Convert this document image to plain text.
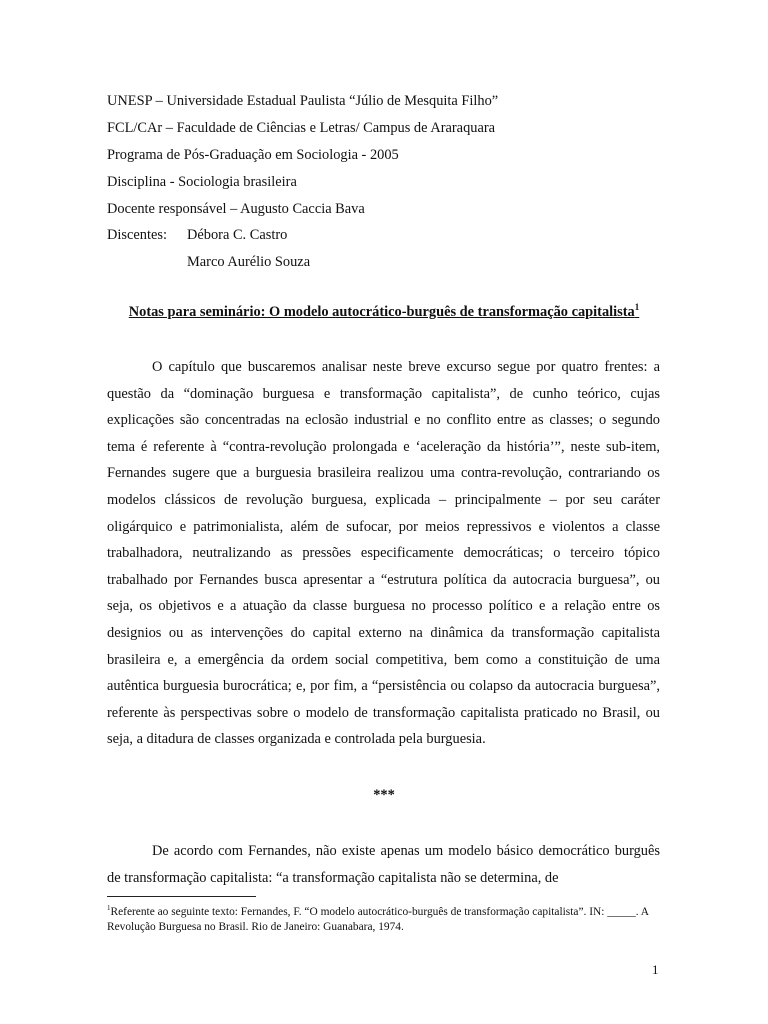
UNESP – Universidade Estadual Paulista “Júlio de Mesquita Filho”
FCL/CAr – Faculdade de Ciências e Letras/ Campus de Araraquara
Programa de Pós-Graduação em Sociologia - 2005
Disciplina - Sociologia brasileira
Docente responsável – Augusto Caccia Bava
Discentes: Débora C. Castro
Marco Aurélio Souza
Notas para seminário: O modelo autocrático-burguês de transformação capitalista$^1$

O capítulo que buscaremos analisar neste breve excurso segue por quatro frentes: a questão da “dominação burguesa e transformação capitalista”, de cunho teórico, cujas explicações são concentradas na eclosão industrial e no conflito entre as classes; o segundo tema é referente à “contra-revolução prolongada e ‘aceleração da história’”, neste sub-item, Fernandes sugere que a burguesia brasileira realizou uma contra-revolução, contrariando os modelos clássicos de revolução burguesa, explicada – principalmente – por seu caráter oligárquico e patrimonialista, além de sufocar, por meios repressivos e violentos a classe trabalhadora, neutralizando as pressões especificamente democráticas; o terceiro tópico trabalhado por Fernandes busca apresentar a “estrutura política da autocracia burguesa”, ou seja, os objetivos e a atuação da classe burguesa no processo político e a relação entre os designios ou as intervenções do capital externo na dinâmica da transformação capitalista brasileira e, a emergência da ordem social competitiva, bem como a constituição de uma autêntica burguesia burocrática; e, por fim, a “persistência ou colapso da autocracia burguesa”, referente às perspectivas sobre o modelo de transformação capitalista praticado no Brasil, ou seja, a ditadura de classes organizada e controlada pela burguesia.

***

De acordo com Fernandes, não existe apenas um modelo básico democrático burguês de transformação capitalista: “a transformação capitalista não se determina, de

$^1$Referente ao seguinte texto: Fernandes, F. “O modelo autocrático-burguês de transformação capitalista”. IN: _____. A Revolução Burguesa no Brasil. Rio de Janeiro: Guanabara, 1974.

1
